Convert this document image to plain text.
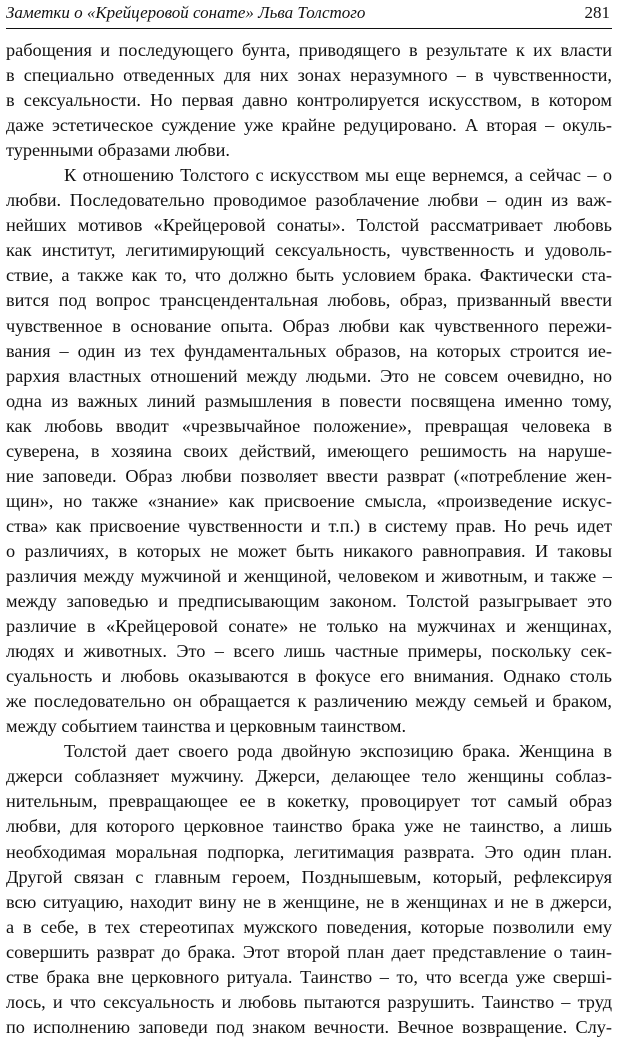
Заметки о «Крейцеровой сонате» Льва Толстого	281
рабощения и последующего бунта, приводящего в результате к их власти
в специально отведенных для них зонах неразумного – в чувственности,
в сексуальности. Но первая давно контролируется искусством, в котором
даже эстетическое суждение уже крайне редуцировано. А вторая – окуль-
туренными образами любви.
К отношению Толстого с искусством мы еще вернемся, а сейчас – о
любви. Последовательно проводимое разоблачение любви – один из важ-
нейших мотивов «Крейцеровой сонаты». Толстой рассматривает любовь
как институт, легитимирующий сексуальность, чувственность и удоволь-
ствие, а также как то, что должно быть условием брака. Фактически ста-
вится под вопрос трансцендентальная любовь, образ, призванный ввести
чувственное в основание опыта. Образ любви как чувственного пережи-
вания – один из тех фундаментальных образов, на которых строится ие-
рархия властных отношений между людьми. Это не совсем очевидно, но
одна из важных линий размышления в повести посвящена именно тому,
как любовь вводит «чрезвычайное положение», превращая человека в
суверена, в хозяина своих действий, имеющего решимость на наруше-
ние заповеди. Образ любви позволяет ввести разврат («потребление жен-
щин», но также «знание» как присвоение смысла, «произведение искус-
ства» как присвоение чувственности и т.п.) в систему прав. Но речь идет
о различиях, в которых не может быть никакого равноправия. И таковы
различия между мужчиной и женщиной, человеком и животным, и также –
между заповедью и предписывающим законом. Толстой разыгрывает это
различие в «Крейцеровой сонате» не только на мужчинах и женщинах,
людях и животных. Это – всего лишь частные примеры, поскольку сек-
суальность и любовь оказываются в фокусе его внимания. Однако столь
же последовательно он обращается к различению между семьей и браком,
между событием таинства и церковным таинством.
Толстой дает своего рода двойную экспозицию брака. Женщина в
джерси соблазняет мужчину. Джерси, делающее тело женщины соблаз-
нительным, превращающее ее в кокетку, провоцирует тот самый образ
любви, для которого церковное таинство брака уже не таинство, а лишь
необходимая моральная подпорка, легитимация разврата. Это один план.
Другой связан с главным героем, Позднышевым, который, рефлексируя
всю ситуацию, находит вину не в женщине, не в женщинах и не в джерси,
а в себе, в тех стереотипах мужского поведения, которые позволили ему
совершить разврат до брака. Этот второй план дает представление о таин-
стве брака вне церковного ритуала. Таинство – то, что всегда уже свершi-
лось, и что сексуальность и любовь пытаются разрушить. Таинство – труд
по исполнению заповеди под знаком вечности. Вечное возвращение. Слу-
